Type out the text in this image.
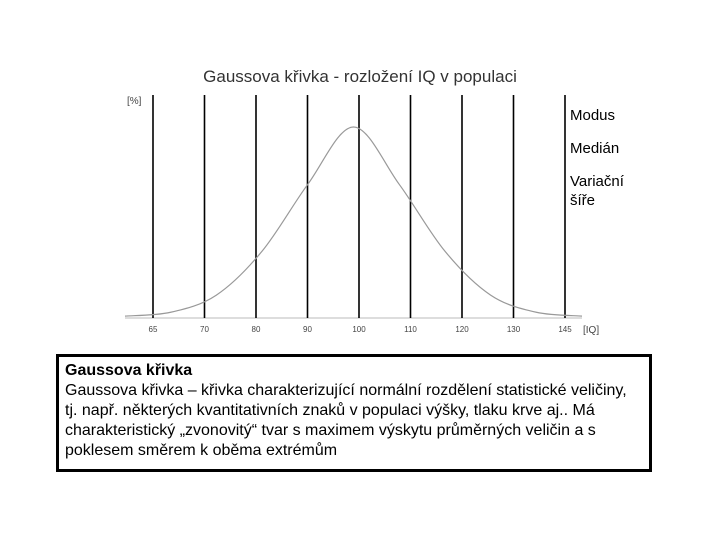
Gaussova křivka - rozložení IQ v populaci
[%]
65	70	80	90	100	110	120	130	145 [IQ]
Modus
Medián
Variační šíře
Gaussova křivka
Gaussova křivka – křivka charakterizující normální rozdělení statistické veličiny, tj. např. některých kvantitativních znaků v populaci výšky, tlaku krve aj.. Má charakteristický „zvonovitý“ tvar s maximem výskytu průměrných veličin a s poklesem směrem k oběma extrémům
